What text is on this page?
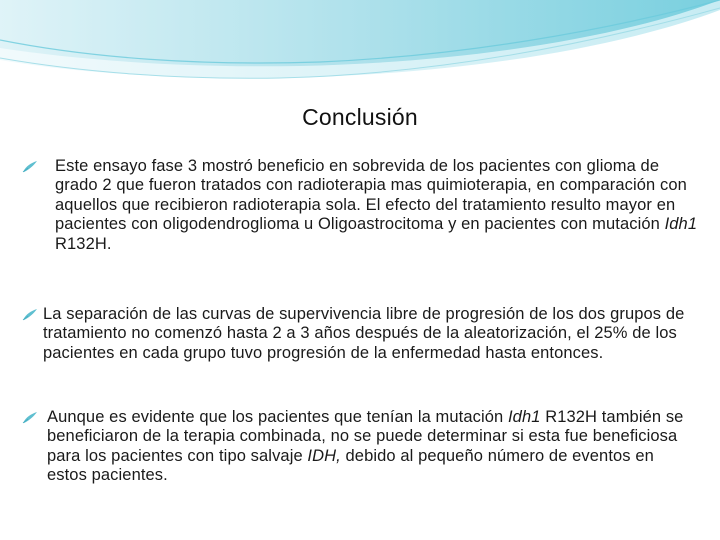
Conclusión
Este ensayo fase 3 mostró beneficio en sobrevida de los pacientes con glioma de grado 2 que fueron tratados con radioterapia mas quimioterapia, en comparación con aquellos que recibieron radioterapia sola. El efecto del tratamiento resulto mayor en pacientes con oligodendroglioma u Oligoastrocitoma y en pacientes con mutación Idh1 R132H.
La separación de las curvas de supervivencia libre de progresión de los dos grupos de tratamiento no comenzó hasta 2 a 3 años después de la aleatorización, el 25% de los pacientes en cada grupo tuvo progresión de la enfermedad hasta entonces.
Aunque es evidente que los pacientes que tenían la mutación Idh1 R132H también se beneficiaron de la terapia combinada, no se puede determinar si esta fue beneficiosa para los pacientes con tipo salvaje IDH, debido al pequeño número de eventos en estos pacientes.
